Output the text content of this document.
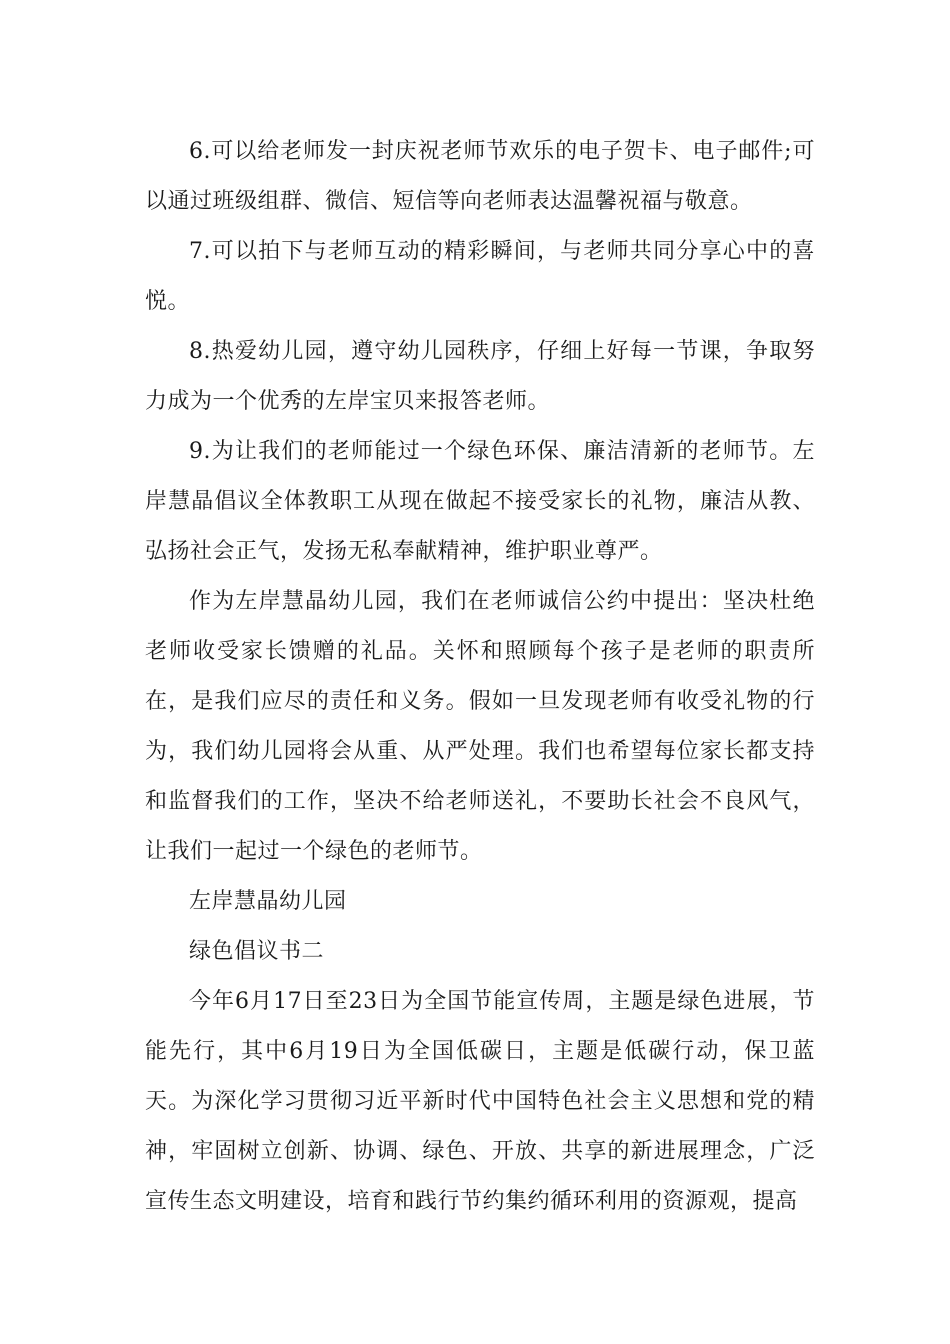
6.可以给老师发一封庆祝老师节欢乐的电子贺卡、电子邮件;可以通过班级组群、微信、短信等向老师表达温馨祝福与敬意。

7.可以拍下与老师互动的精彩瞬间，与老师共同分享心中的喜悦。

8.热爱幼儿园，遵守幼儿园秩序，仔细上好每一节课，争取努力成为一个优秀的左岸宝贝来报答老师。

9.为让我们的老师能过一个绿色环保、廉洁清新的老师节。左岸慧晶倡议全体教职工从现在做起不接受家长的礼物，廉洁从教、弘扬社会正气，发扬无私奉献精神，维护职业尊严。

作为左岸慧晶幼儿园，我们在老师诚信公约中提出：坚决杜绝老师收受家长馈赠的礼品。关怀和照顾每个孩子是老师的职责所在，是我们应尽的责任和义务。假如一旦发现老师有收受礼物的行为，我们幼儿园将会从重、从严处理。我们也希望每位家长都支持和监督我们的工作，坚决不给老师送礼，不要助长社会不良风气，让我们一起过一个绿色的老师节。

左岸慧晶幼儿园

绿色倡议书二

今年6月17日至23日为全国节能宣传周，主题是绿色进展，节能先行，其中6月19日为全国低碳日，主题是低碳行动，保卫蓝天。为深化学习贯彻习近平新时代中国特色社会主义思想和党的精神，牢固树立创新、协调、绿色、开放、共享的新进展理念，广泛宣传生态文明建设，培育和践行节约集约循环利用的资源观，提高
